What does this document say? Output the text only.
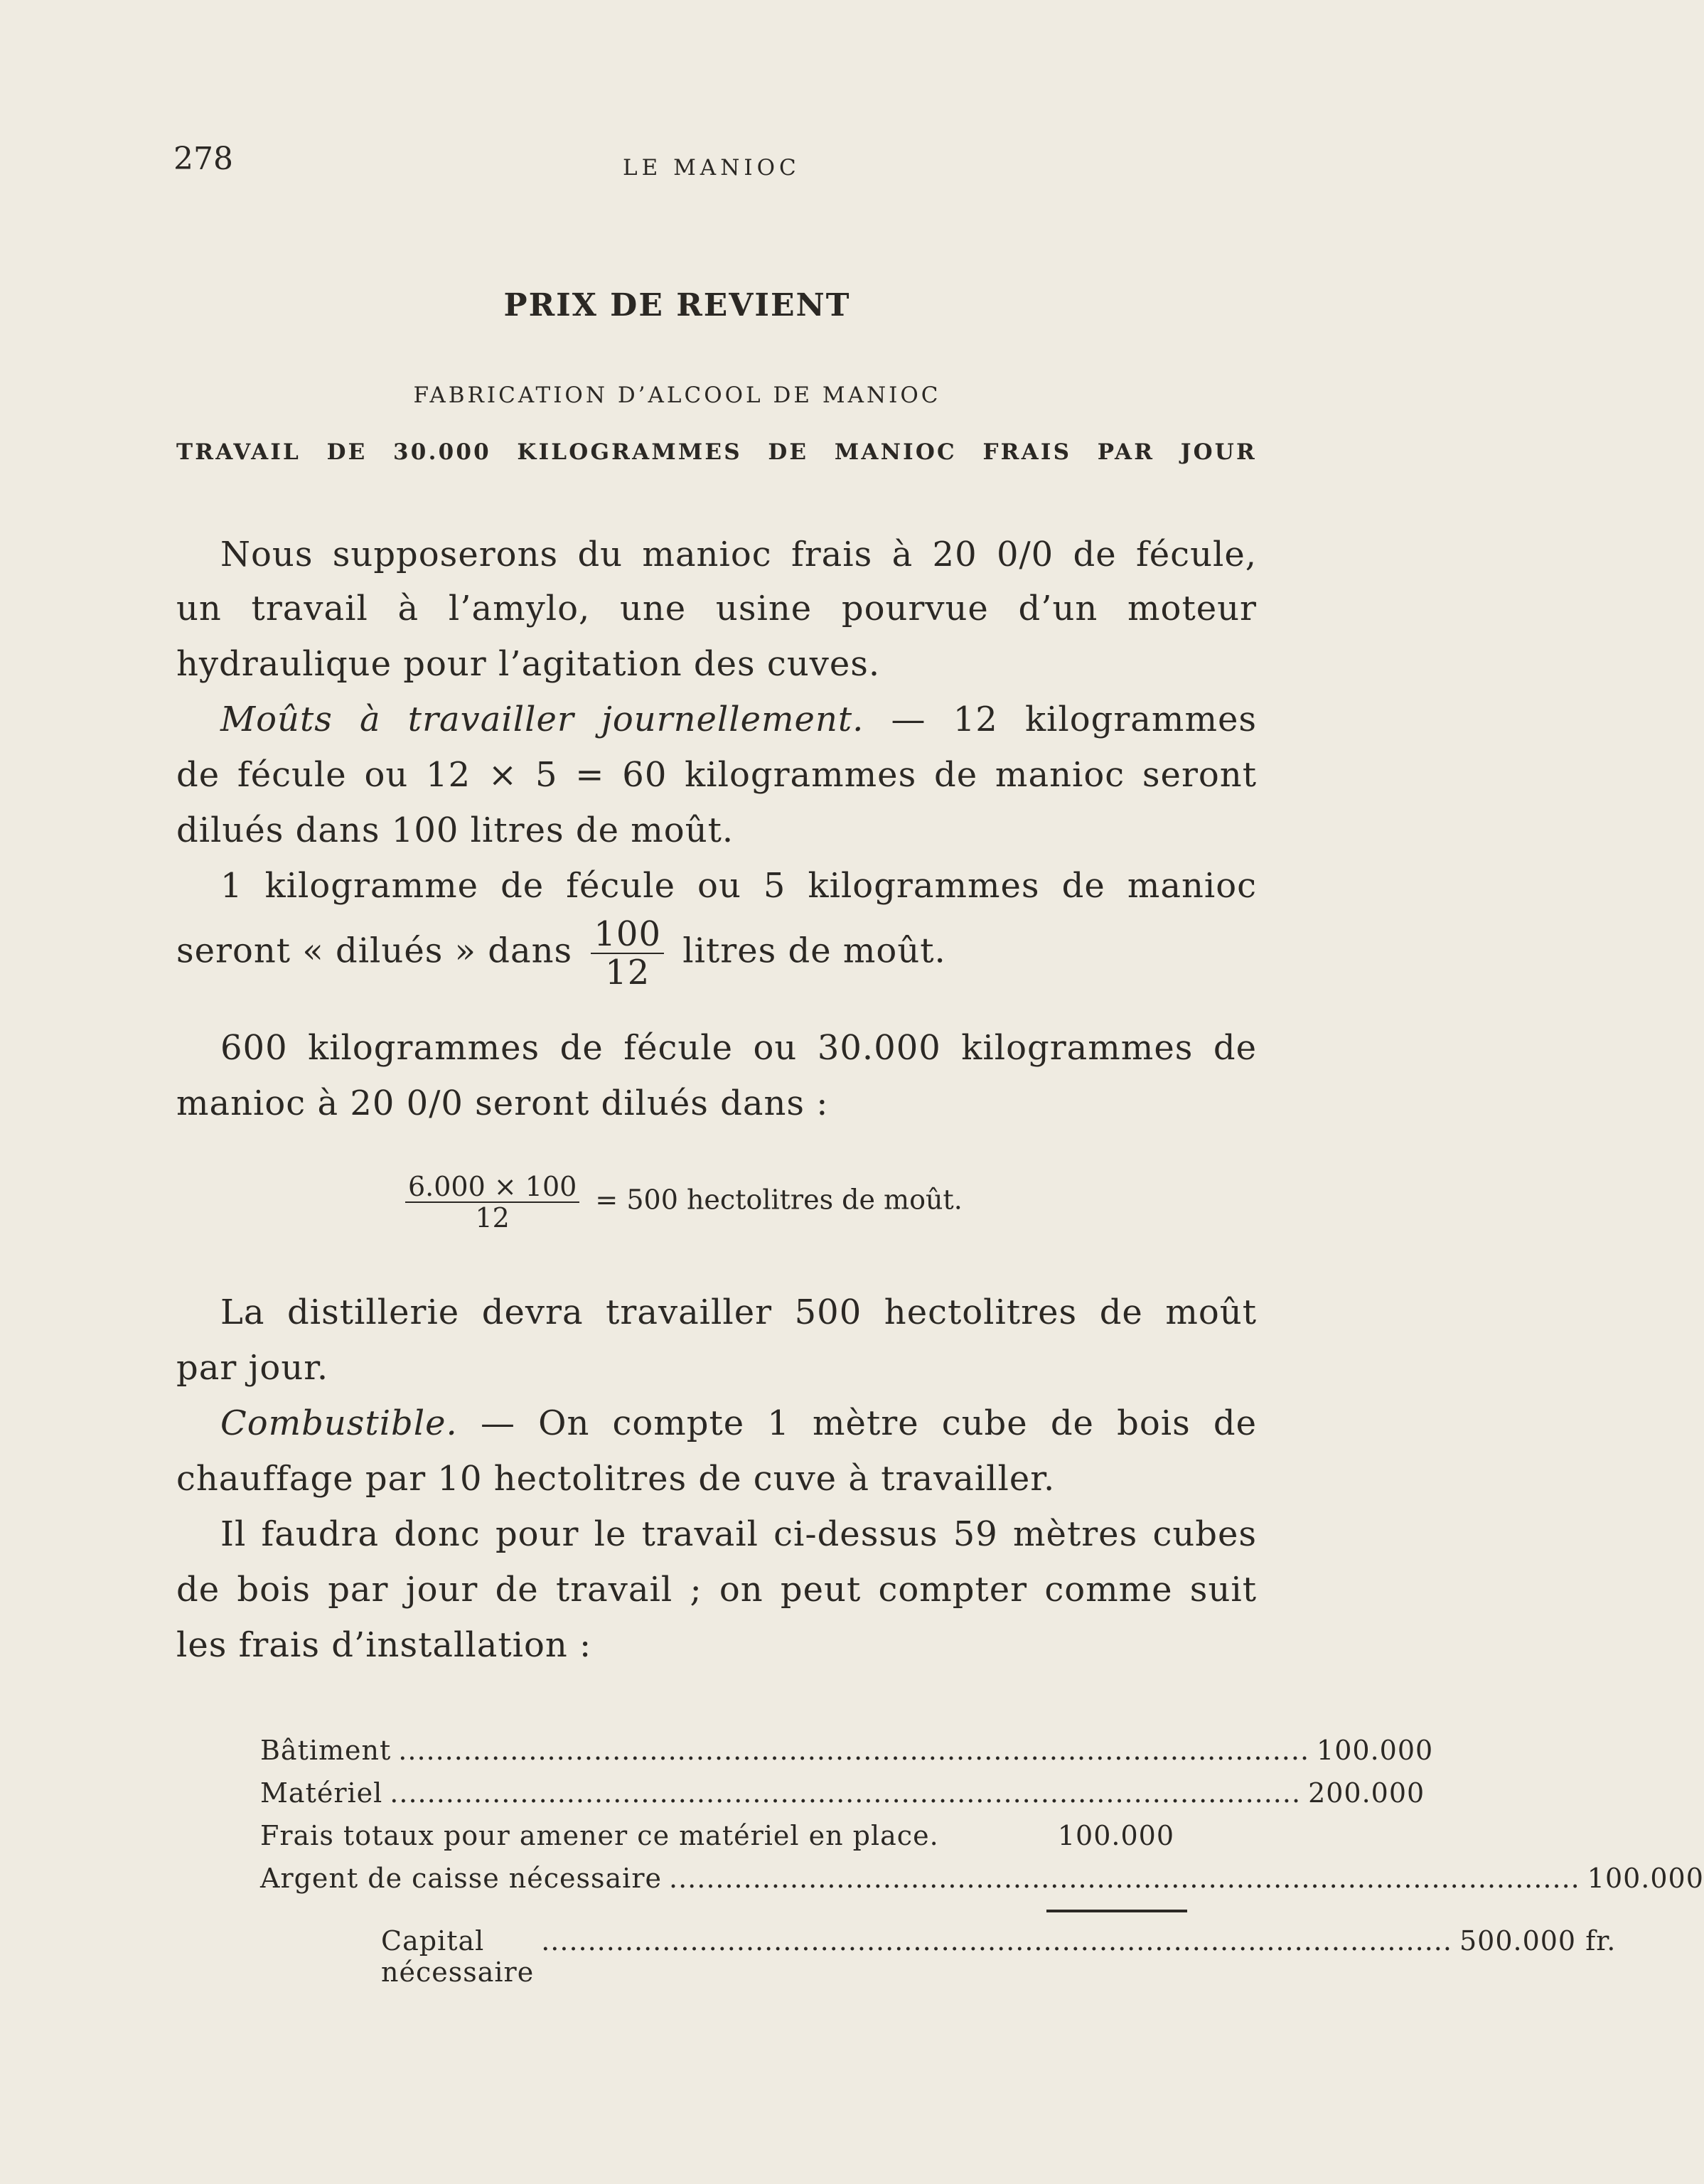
278	LE MANIOC
PRIX DE REVIENT
FABRICATION D’ALCOOL DE MANIOC
TRAVAIL DE 30.000 KILOGRAMMES DE MANIOC FRAIS PAR JOUR
Nous supposerons du manioc frais à 20 0/0 de fécule,
un travail à l’amylo, une usine pourvue d’un moteur
hydraulique pour l’agitation des cuves.
Moûts à travailler journellement. — 12 kilogrammes
de fécule ou 12 × 5 = 60 kilogrammes de manioc seront
dilués dans 100 litres de moût.
1 kilogramme de fécule ou 5 kilogrammes de manioc
seront « dilués » dans $\frac{100}{12}$ litres de moût.
600 kilogrammes de fécule ou 30.000 kilogrammes de
manioc à 20 0/0 seront dilués dans :
$\frac{6.000 \times 100}{12} = 500$ hectolitres de moût.
La distillerie devra travailler 500 hectolitres de moût
par jour.
Combustible. — On compte 1 mètre cube de bois de
chauffage par 10 hectolitres de cuve à travailler.
Il faudra donc pour le travail ci-dessus 59 mètres cubes
de bois par jour de travail ; on peut compter comme suit
les frais d’installation :
Bâtiment .................................................................................................. 100.000
Matériel .................................................................................................. 200.000
Frais totaux pour amener ce matériel en place.	100.000
Argent de caisse nécessaire .................................................................................................. 100.000
Capital nécessaire
.................................................................................................. 500.000 fr.
